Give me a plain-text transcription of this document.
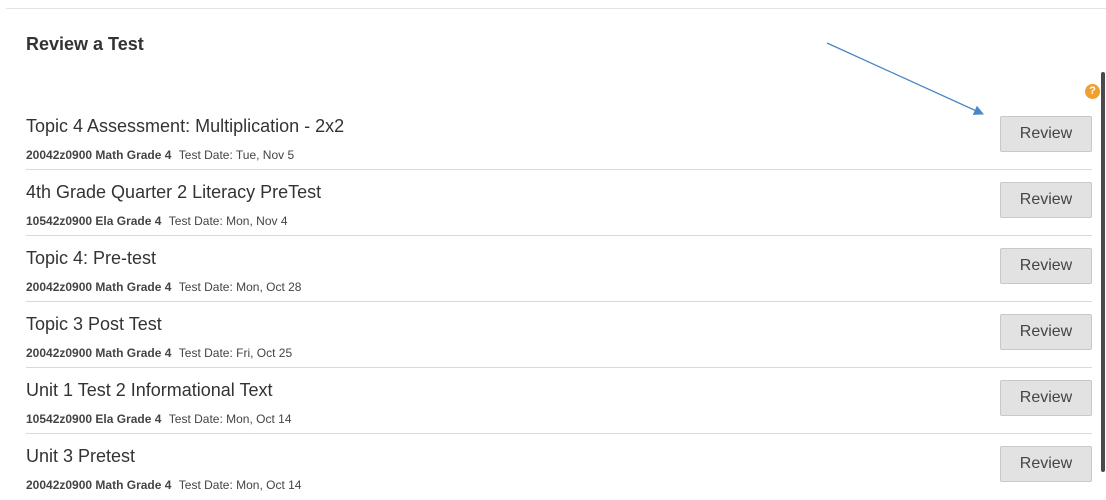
Review a Test
?
Topic 4 Assessment: Multiplication - 2x2
20042z0900 Math Grade 4 Test Date: Tue, Nov 5
Review
4th Grade Quarter 2 Literacy PreTest
10542z0900 Ela Grade 4 Test Date: Mon, Nov 4
Review
Topic 4: Pre-test
20042z0900 Math Grade 4 Test Date: Mon, Oct 28
Review
Topic 3 Post Test
20042z0900 Math Grade 4 Test Date: Fri, Oct 25
Review
Unit 1 Test 2 Informational Text
10542z0900 Ela Grade 4 Test Date: Mon, Oct 14
Review
Unit 3 Pretest
20042z0900 Math Grade 4 Test Date: Mon, Oct 14
Review
